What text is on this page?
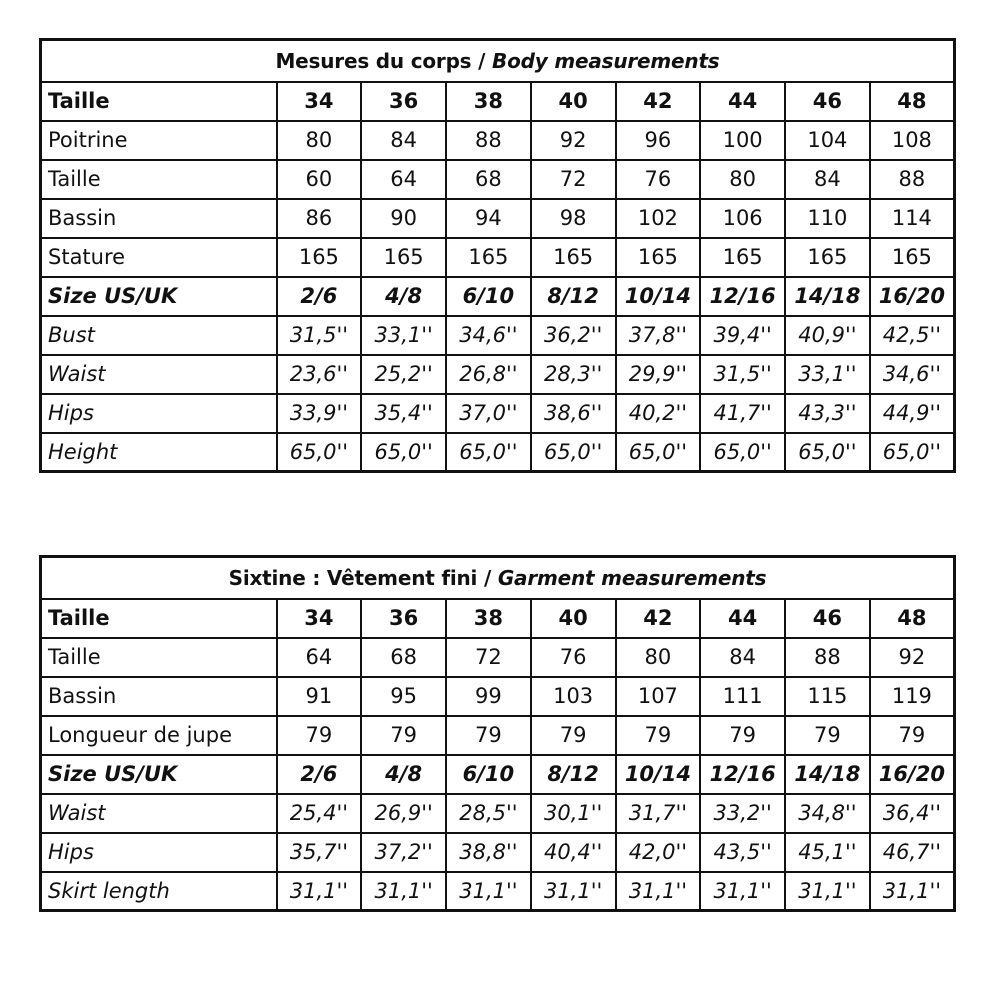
Mesures du corps / Body measurements								
Taille	34	36	38	40	42	44	46	48
Poitrine	80	84	88	92	96	100	104	108
Taille	60	64	68	72	76	80	84	88
Bassin	86	90	94	98	102	106	110	114
Stature	165	165	165	165	165	165	165	165
Size US/UK	2/6	4/8	6/10	8/12	10/14	12/16	14/18	16/20
Bust	31,5''	33,1''	34,6''	36,2''	37,8''	39,4''	40,9''	42,5''
Waist	23,6''	25,2''	26,8''	28,3''	29,9''	31,5''	33,1''	34,6''
Hips	33,9''	35,4''	37,0''	38,6''	40,2''	41,7''	43,3''	44,9''
Height	65,0''	65,0''	65,0''	65,0''	65,0''	65,0''	65,0''	65,0''
Sixtine : Vêtement fini / Garment measurements								
Taille	34	36	38	40	42	44	46	48
Taille	64	68	72	76	80	84	88	92
Bassin	91	95	99	103	107	111	115	119
Longueur de jupe	79	79	79	79	79	79	79	79
Size US/UK	2/6	4/8	6/10	8/12	10/14	12/16	14/18	16/20
Waist	25,4''	26,9''	28,5''	30,1''	31,7''	33,2''	34,8''	36,4''
Hips	35,7''	37,2''	38,8''	40,4''	42,0''	43,5''	45,1''	46,7''
Skirt length	31,1''	31,1''	31,1''	31,1''	31,1''	31,1''	31,1''	31,1''
